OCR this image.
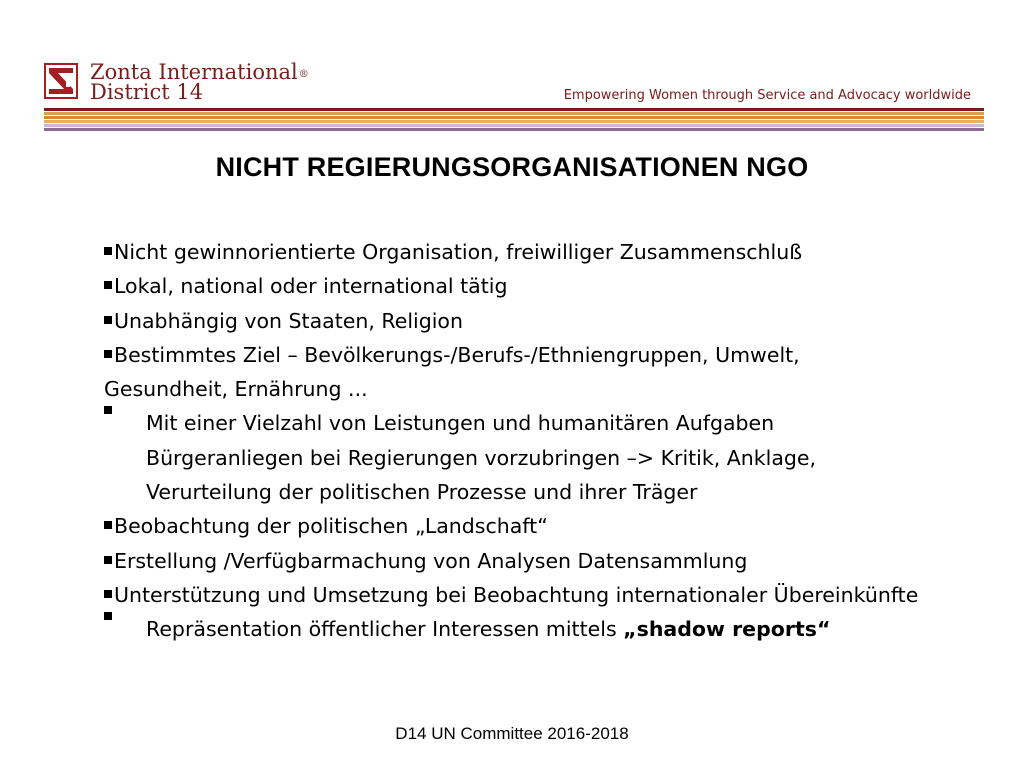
Zonta International®
District 14	Empowering Women through Service and Advocacy worldwide
NICHT REGIERUNGSORGANISATIONEN NGO
Nicht gewinnorientierte Organisation, freiwilliger Zusammenschluß
Lokal, national oder international tätig
Unabhängig von Staaten, Religion
Bestimmtes Ziel – Bevölkerungs-/Berufs-/Ethniengruppen, Umwelt, Gesundheit, Ernährung ...
Mit einer Vielzahl von Leistungen und humanitären Aufgaben Bürgeranliegen bei Regierungen vorzubringen –> Kritik, Anklage, Verurteilung der politischen Prozesse und ihrer Träger
Beobachtung der politischen „Landschaft“
Erstellung /Verfügbarmachung von Analysen Datensammlung
Unterstützung und Umsetzung bei Beobachtung internationaler Übereinkünfte
Repräsentation öffentlicher Interessen mittels „shadow reports“
D14 UN Committee 2016-2018
